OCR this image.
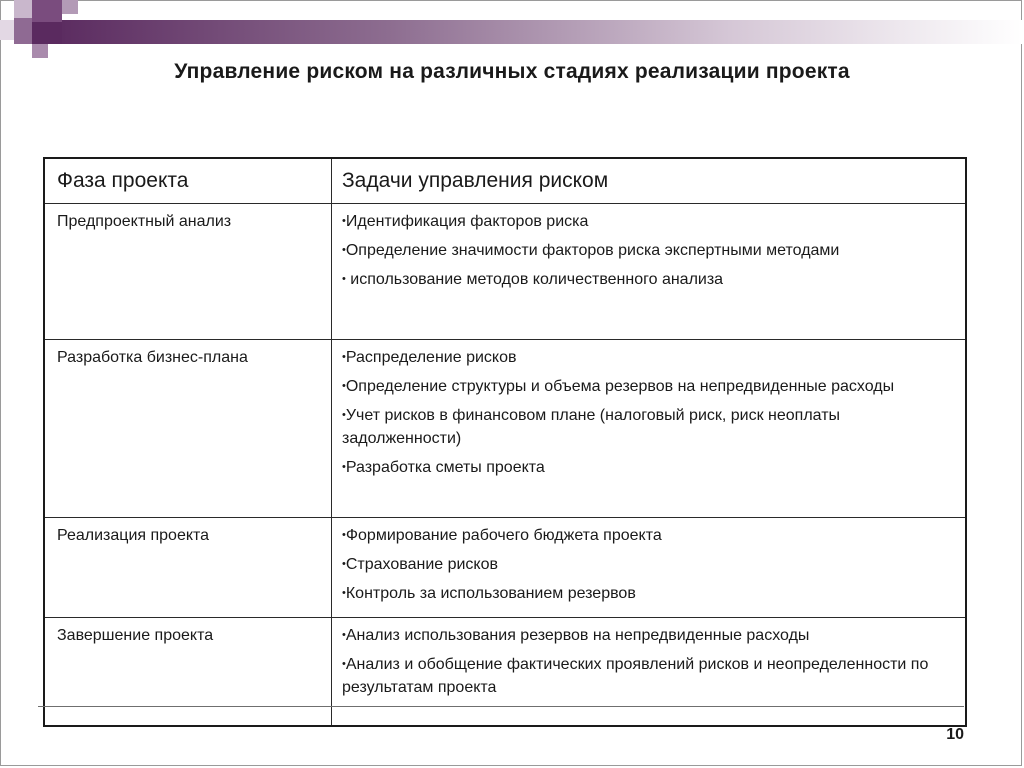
Управление риском на различных стадиях реализации проекта
Фаза проекта	Задачи управления риском
Предпроектный анализ	•Идентификация факторов риска
•Определение значимости факторов риска экспертными методами
• использование методов количественного анализа

Разработка бизнес-плана	•Распределение рисков
•Определение структуры и объема резервов на непредвиденные расходы
•Учет рисков в финансовом плане (налоговый риск, риск неоплаты задолженности)
•Разработка сметы проекта

Реализация проекта	•Формирование рабочего бюджета проекта
•Страхование рисков
•Контроль за использованием резервов

Завершение проекта	•Анализ использования резервов на непредвиденные расходы
•Анализ и обобщение фактических проявлений рисков и неопределенности по результатам проекта
10
